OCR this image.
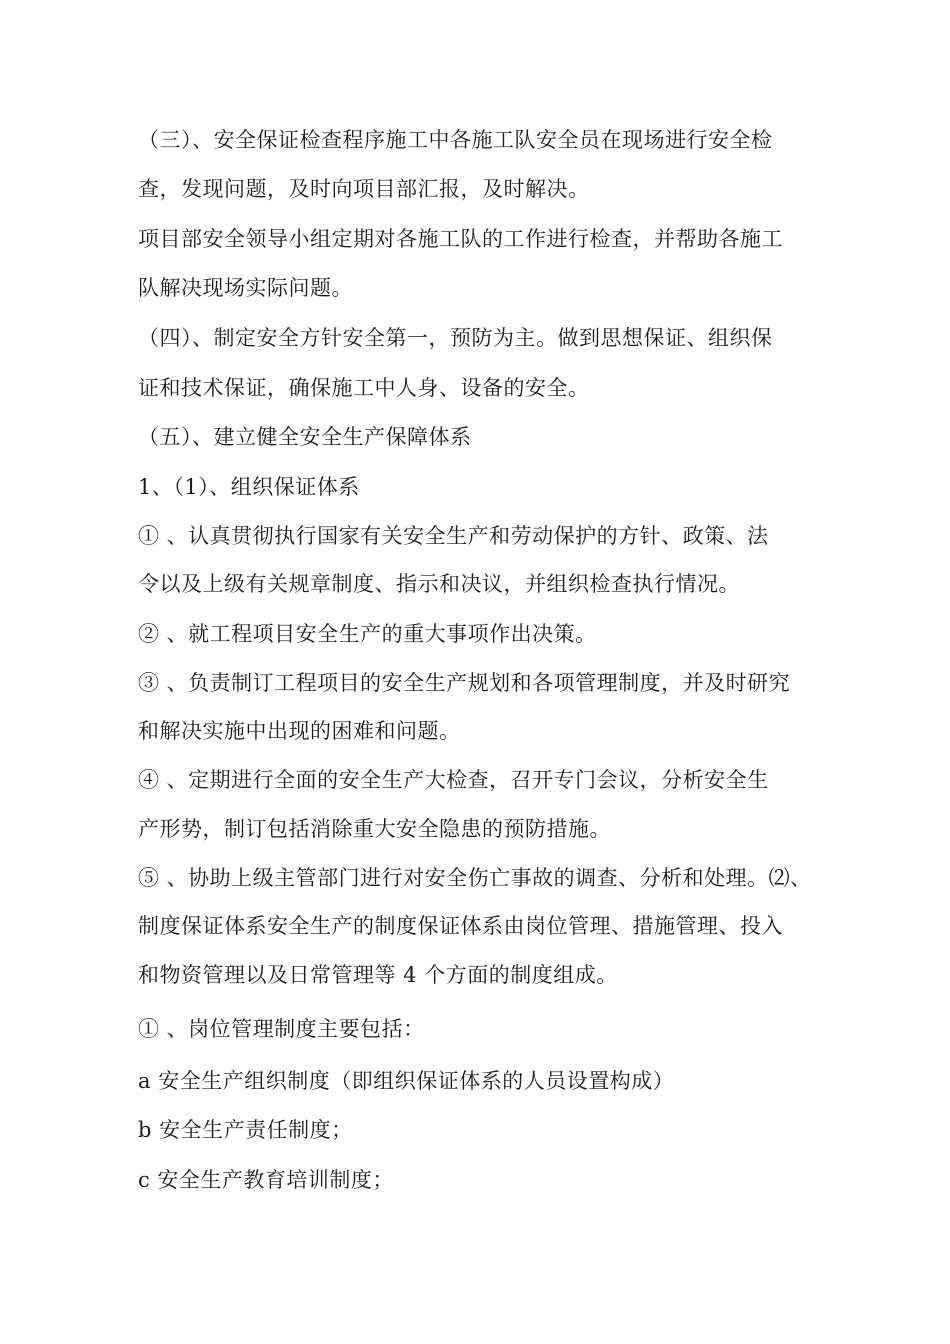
（三）、安全保证检查程序施工中各施工队安全员在现场进行安全检
查，发现问题，及时向项目部汇报，及时解决。
项目部安全领导小组定期对各施工队的工作进行检查，并帮助各施工
队解决现场实际问题。
（四）、制定安全方针安全第一，预防为主。做到思想保证、组织保
证和技术保证，确保施工中人身、设备的安全。
（五）、建立健全安全生产保障体系
1、（1）、组织保证体系
① 、认真贯彻执行国家有关安全生产和劳动保护的方针、政策、法
令以及上级有关规章制度、指示和决议，并组织检查执行情况。
② 、就工程项目安全生产的重大事项作出决策。
③ 、负责制订工程项目的安全生产规划和各项管理制度，并及时研究
和解决实施中出现的困难和问题。
④ 、定期进行全面的安全生产大检查，召开专门会议，分析安全生
产形势，制订包括消除重大安全隐患的预防措施。
⑤ 、协助上级主管部门进行对安全伤亡事故的调查、分析和处理。⑵、
制度保证体系安全生产的制度保证体系由岗位管理、措施管理、投入
和物资管理以及日常管理等 4 个方面的制度组成。
① 、岗位管理制度主要包括：
a 安全生产组织制度（即组织保证体系的人员设置构成）
b 安全生产责任制度；
c 安全生产教育培训制度；
